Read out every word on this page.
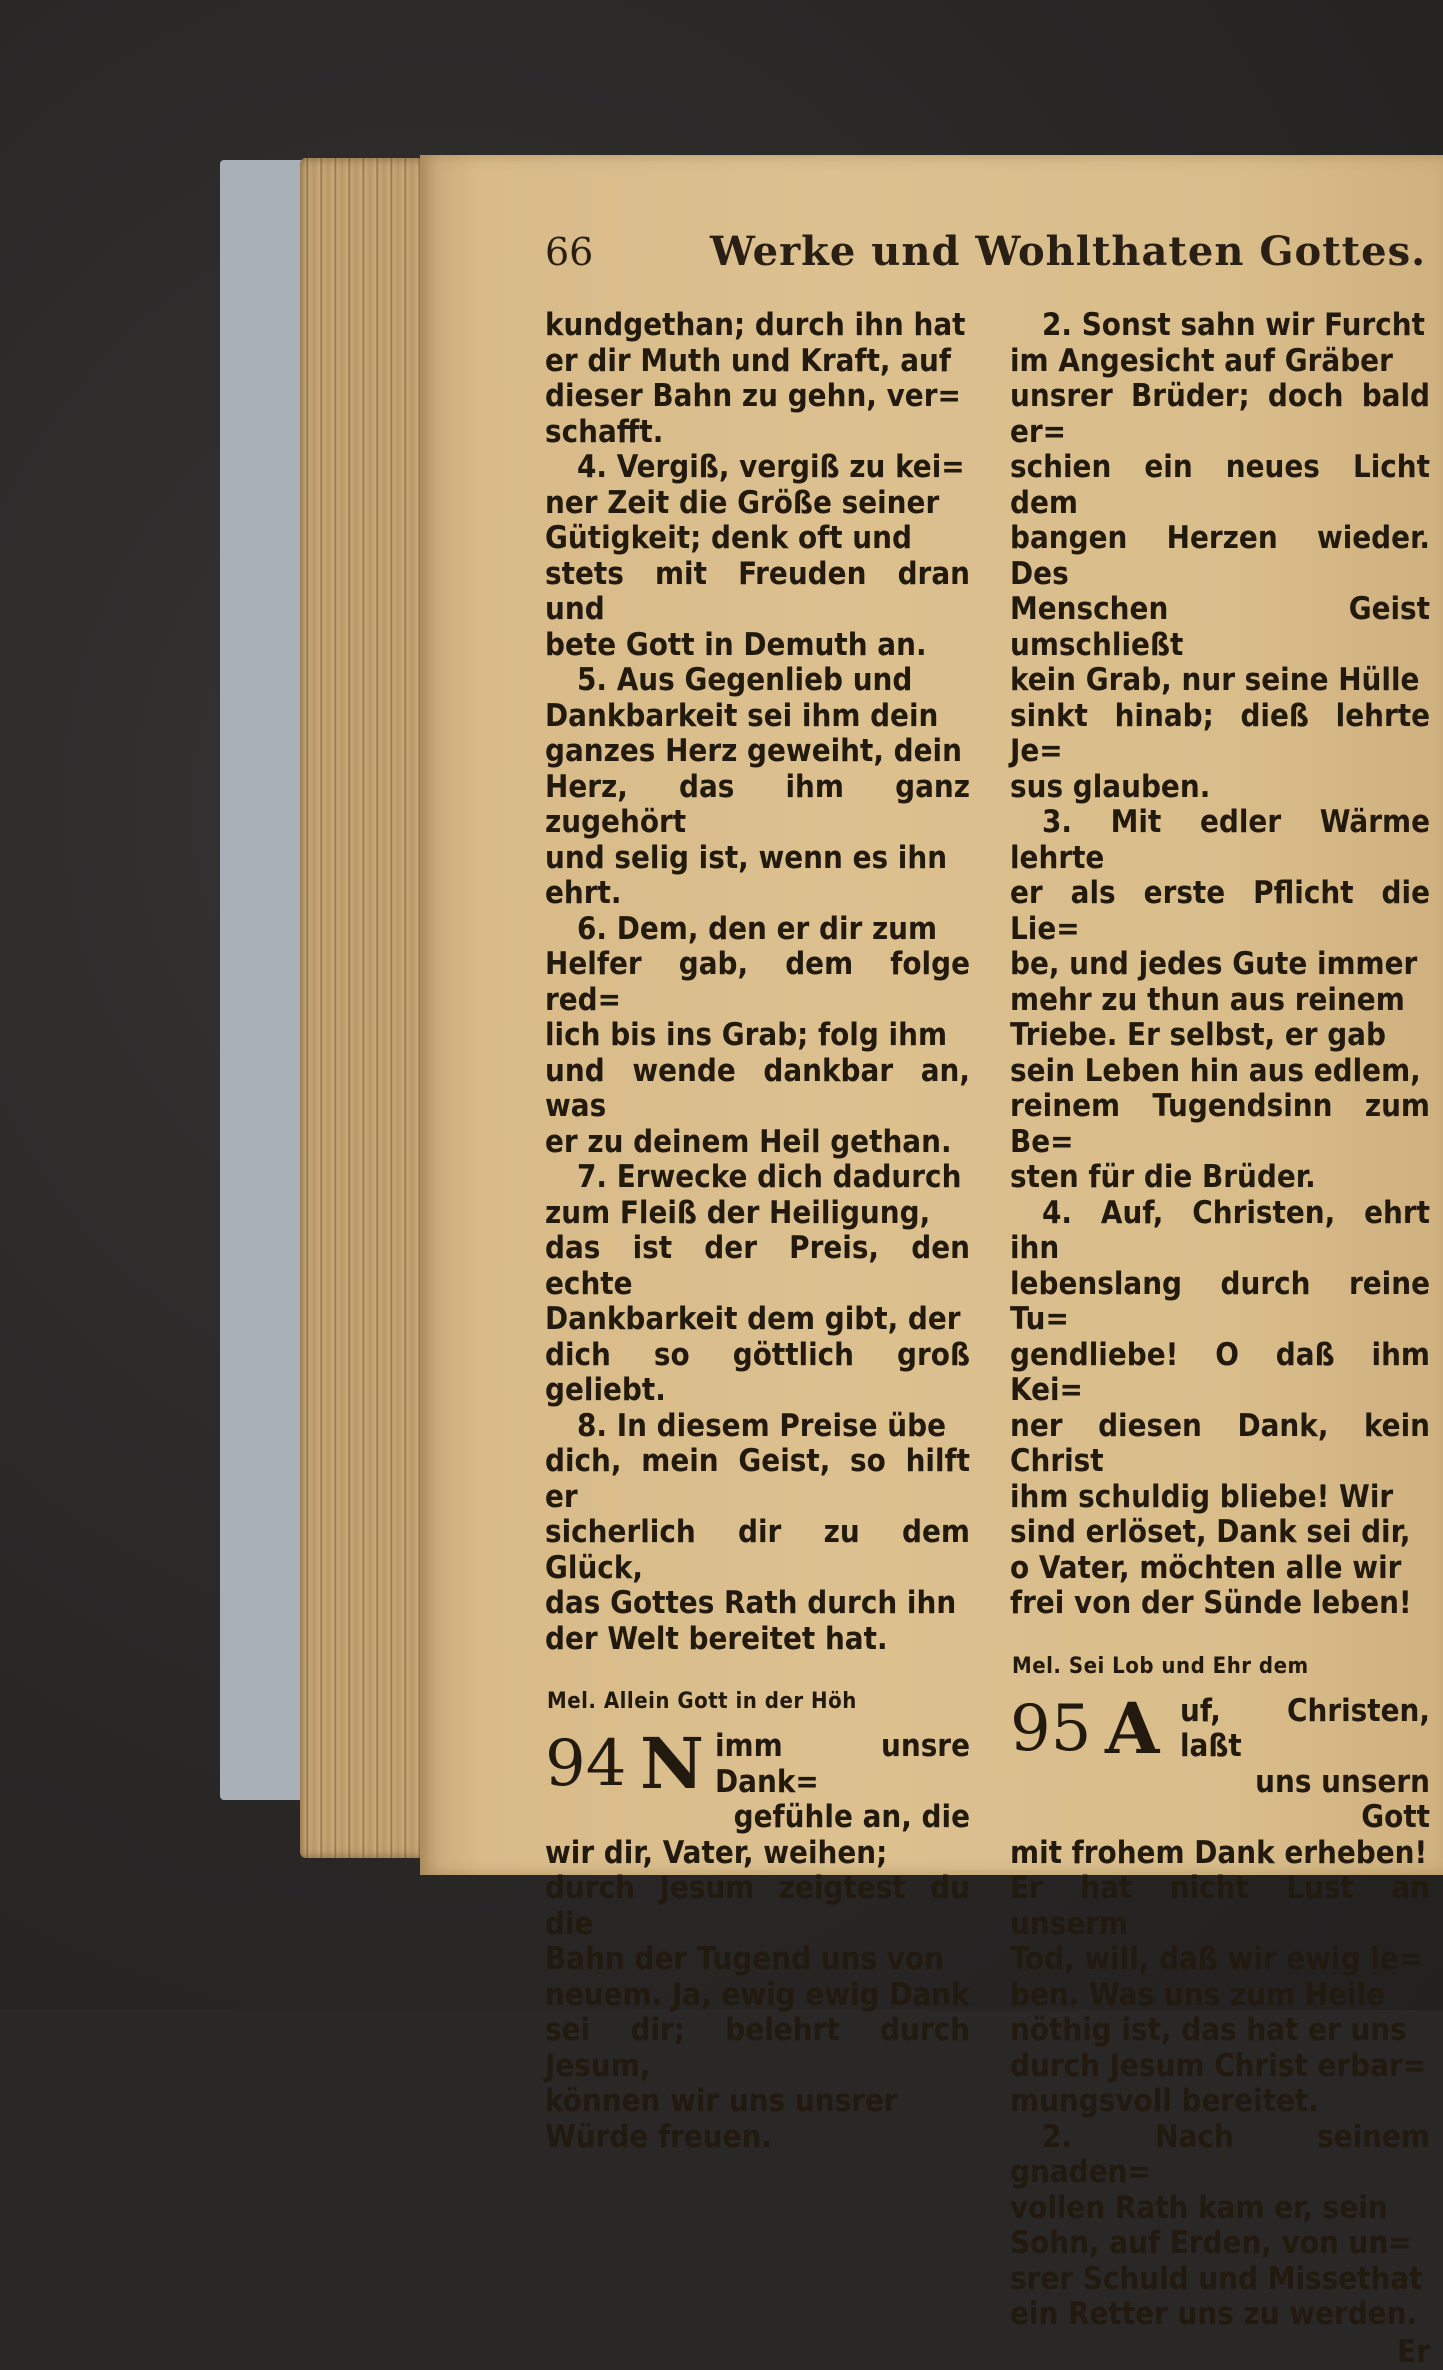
66	Werke und Wohlthaten Gottes.

kundgethan; durch ihn hat

er dir Muth und Kraft, auf

dieser Bahn zu gehn, ver=

schafft.

4. Vergiß, vergiß zu kei=

ner Zeit die Größe seiner

Gütigkeit; denk oft und

stets mit Freuden dran und

bete Gott in Demuth an.

5. Aus Gegenlieb und

Dankbarkeit sei ihm dein

ganzes Herz geweiht, dein

Herz, das ihm ganz zugehört

und selig ist, wenn es ihn

ehrt.

6. Dem, den er dir zum

Helfer gab, dem folge red=

lich bis ins Grab; folg ihm

und wende dankbar an, was

er zu deinem Heil gethan.

7. Erwecke dich dadurch

zum Fleiß der Heiligung,

das ist der Preis, den echte

Dankbarkeit dem gibt, der

dich so göttlich groß geliebt.

8. In diesem Preise übe

dich, mein Geist, so hilft er

sicherlich dir zu dem Glück,

das Gottes Rath durch ihn

der Welt bereitet hat.

Mel. Allein Gott in der Höh

94 N imm unsre Dank=

gefühle an, die

wir dir, Vater, weihen;

durch Jesum zeigtest du die

Bahn der Tugend uns von

neuem. Ja, ewig ewig Dank

sei dir; belehrt durch Jesum,

können wir uns unsrer

Würde freuen.

2. Sonst sahn wir Furcht

im Angesicht auf Gräber

unsrer Brüder; doch bald er=

schien ein neues Licht dem

bangen Herzen wieder. Des

Menschen Geist umschließt

kein Grab, nur seine Hülle

sinkt hinab; dieß lehrte Je=

sus glauben.

3. Mit edler Wärme lehrte

er als erste Pflicht die Lie=

be, und jedes Gute immer

mehr zu thun aus reinem

Triebe. Er selbst, er gab

sein Leben hin aus edlem,

reinem Tugendsinn zum Be=

sten für die Brüder.

4. Auf, Christen, ehrt ihn

lebenslang durch reine Tu=

gendliebe! O daß ihm Kei=

ner diesen Dank, kein Christ

ihm schuldig bliebe! Wir

sind erlöset, Dank sei dir,

o Vater, möchten alle wir

frei von der Sünde leben!

Mel. Sei Lob und Ehr dem

95 A uf, Christen, laßt

uns unsern Gott

mit frohem Dank erheben!

Er hat nicht Lust an unserm

Tod, will, daß wir ewig le=

ben. Was uns zum Heile

nöthig ist, das hat er uns

durch Jesum Christ erbar=

mungsvoll bereitet.

2. Nach seinem gnaden=

vollen Rath kam er, sein

Sohn, auf Erden, von un=

srer Schuld und Missethat

ein Retter uns zu werden.

Er
